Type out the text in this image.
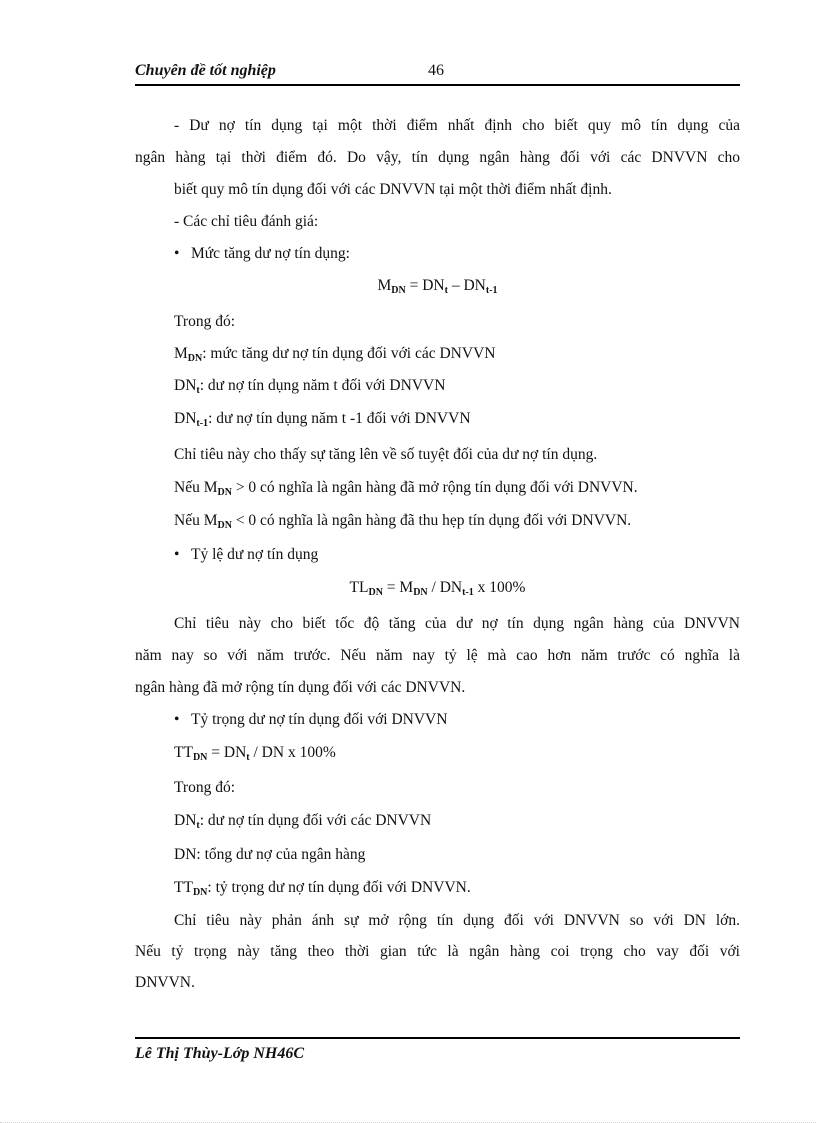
Chuyên đề tốt nghiệp	46
- Dư nợ tín dụng tại một thời điểm nhất định cho biết quy mô tín dụng của
ngân hàng tại thời điểm đó. Do vậy, tín dụng ngân hàng đối với các DNVVN cho
biết quy mô tín dụng đối với các DNVVN tại một thời điểm nhất định.
- Các chỉ tiêu đánh giá:
• Mức tăng dư nợ tín dụng:
$M_{DN} = DN_t - DN_{t-1}$
Trong đó:
$M_{DN}$: mức tăng dư nợ tín dụng đối với các DNVVN
$DN_t$: dư nợ tín dụng năm t đối với DNVVN
$DN_{t-1}$: dư nợ tín dụng năm t -1 đối với DNVVN
Chỉ tiêu này cho thấy sự tăng lên về số tuyệt đối của dư nợ tín dụng.
Nếu $M_{DN} > 0$ có nghĩa là ngân hàng đã mở rộng tín dụng đối với DNVVN.
Nếu $M_{DN} < 0$ có nghĩa là ngân hàng đã thu hẹp tín dụng đối với DNVVN.
• Tỷ lệ dư nợ tín dụng
$TL_{DN} = M_{DN} / DN_{t-1}$ x 100%
Chỉ tiêu này cho biết tốc độ tăng của dư nợ tín dụng ngân hàng của DNVVN
năm nay so với năm trước. Nếu năm nay tỷ lệ mà cao hơn năm trước có nghĩa là
ngân hàng đã mở rộng tín dụng đối với các DNVVN.
• Tỷ trọng dư nợ tín dụng đối với DNVVN
$TT_{DN} = DN_t$ / DN x 100%
Trong đó:
$DN_t$: dư nợ tín dụng đối với các DNVVN
DN: tổng dư nợ của ngân hàng
$TT_{DN}$: tỷ trọng dư nợ tín dụng đối với DNVVN.
Chỉ tiêu này phản ánh sự mở rộng tín dụng đối với DNVVN so với DN lớn.
Nếu tỷ trọng này tăng theo thời gian tức là ngân hàng coi trọng cho vay đối với
DNVVN.
Lê Thị Thùy-Lớp NH46C
